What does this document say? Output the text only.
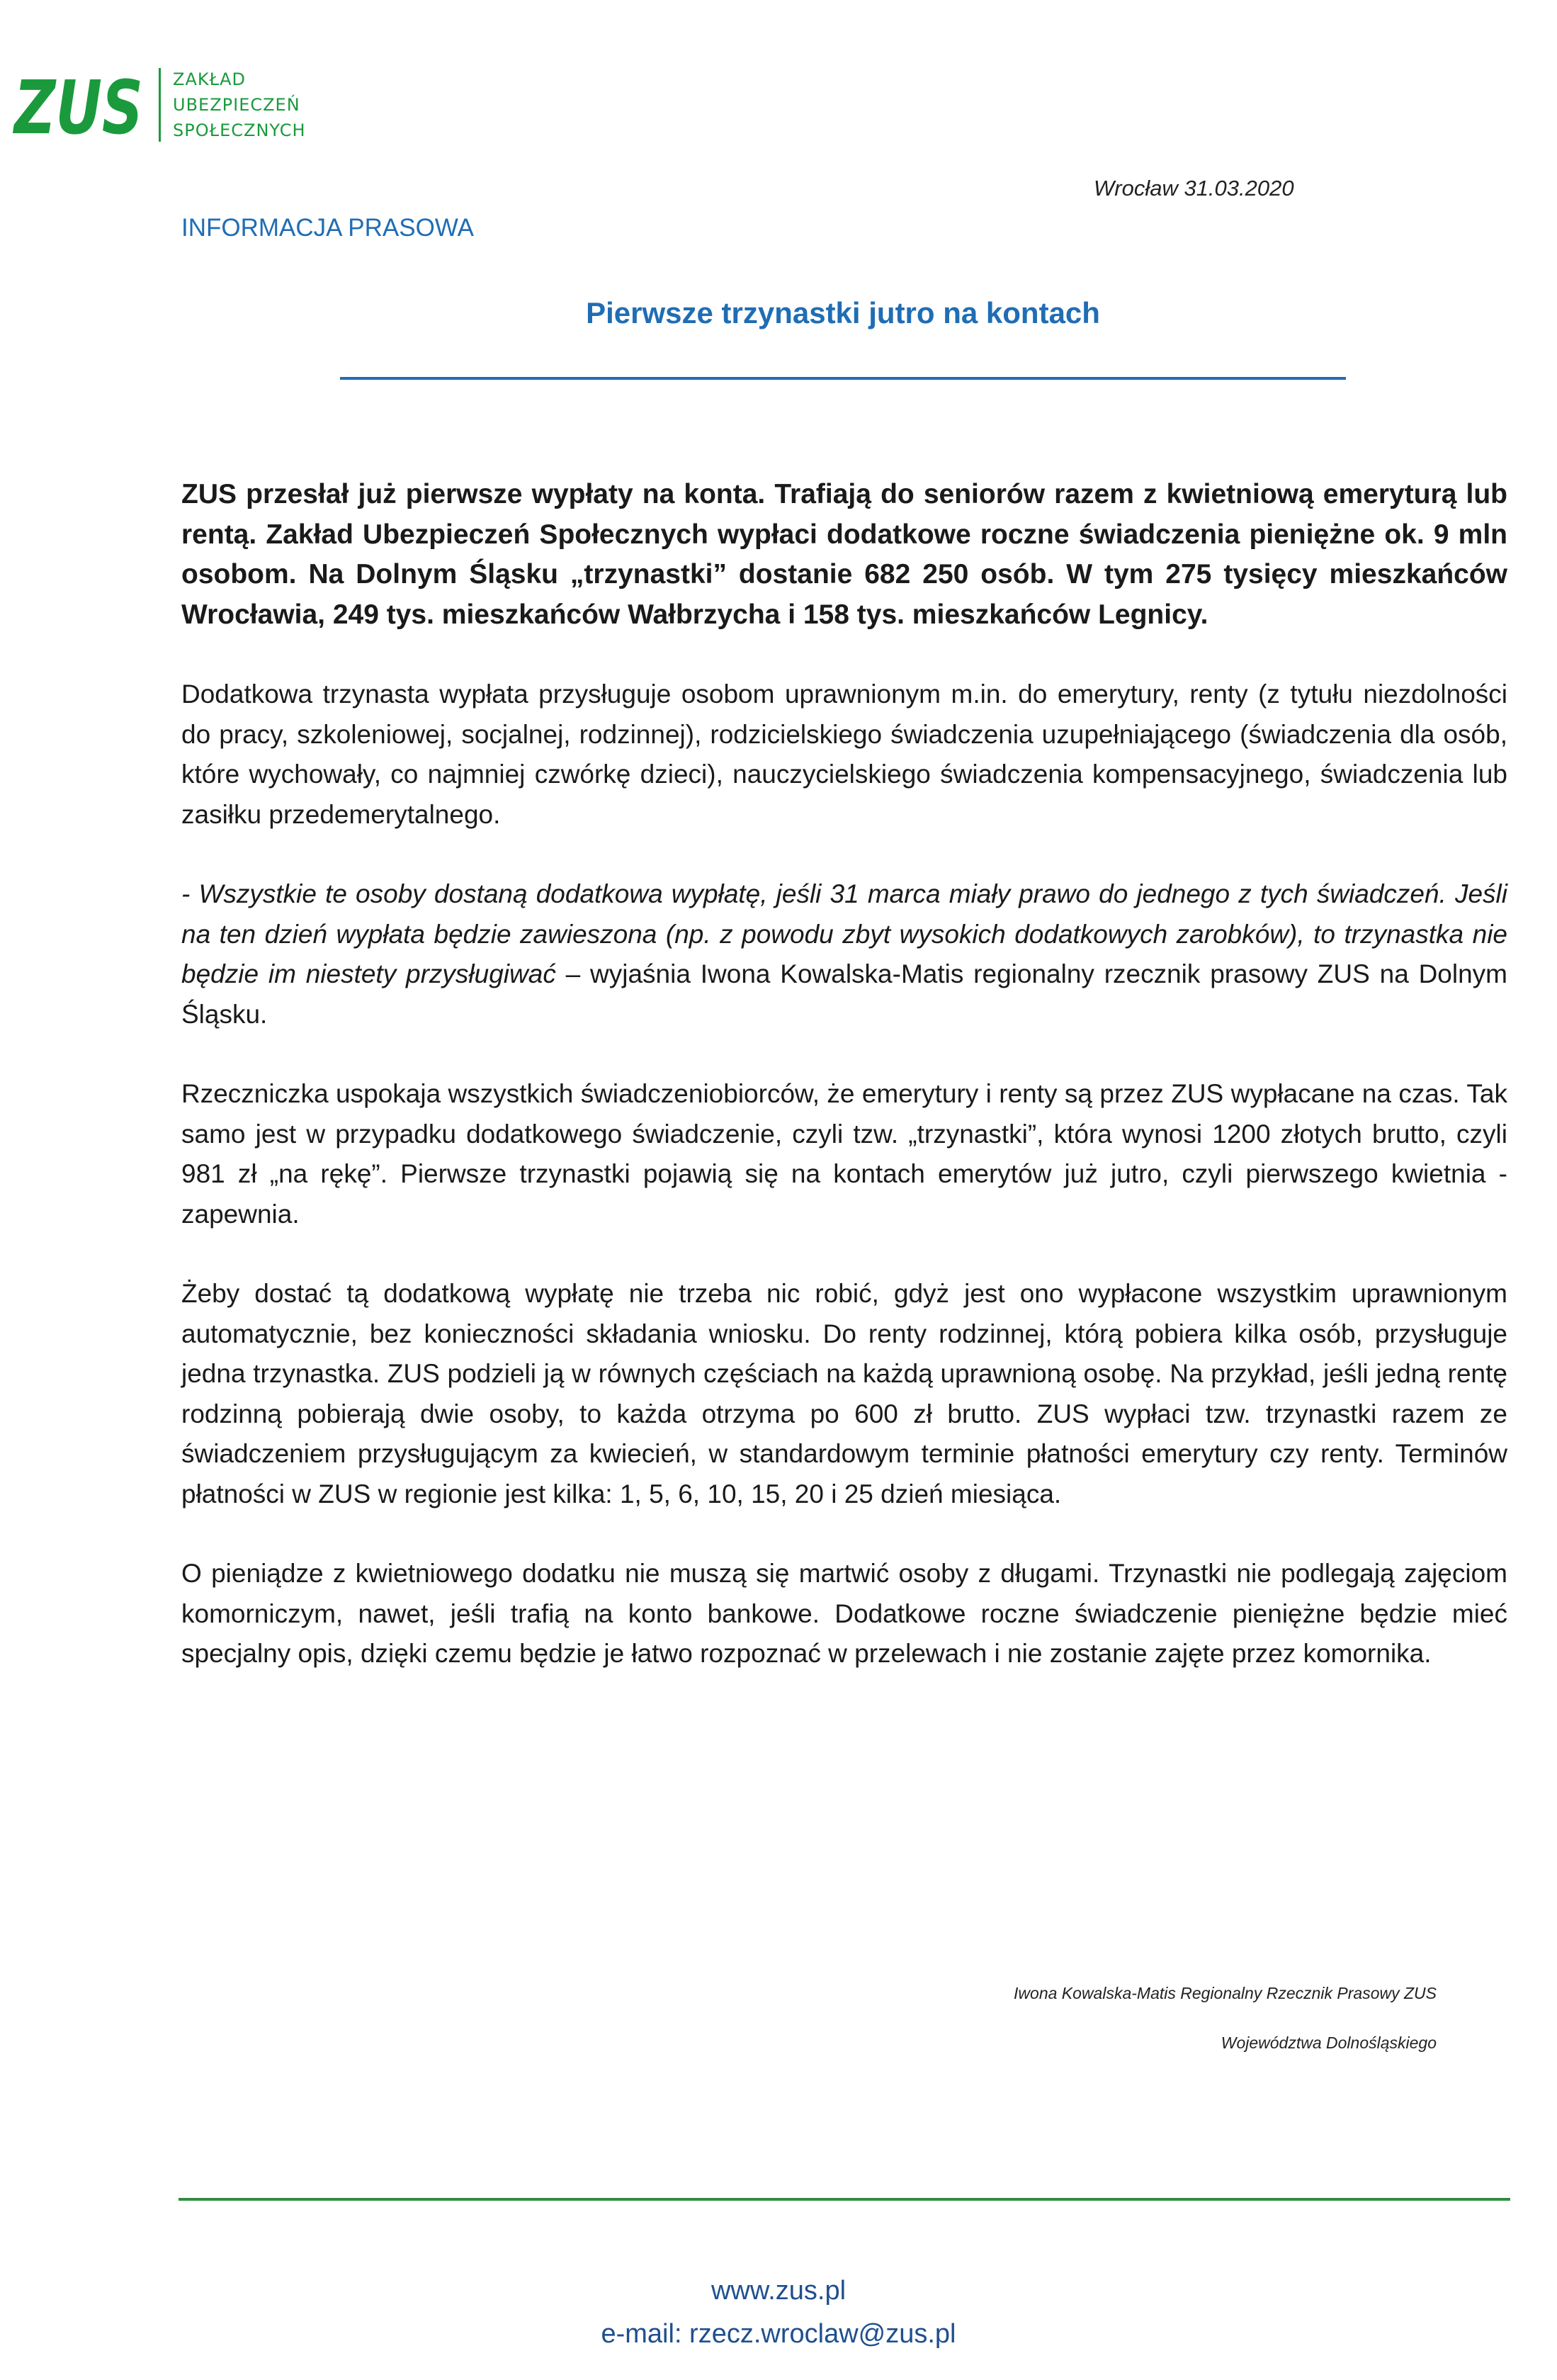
ZUS ZAKŁAD
UBEZPIECZEŃ
SPOŁECZNYCH
Wrocław 31.03.2020
INFORMACJA PRASOWA
Pierwsze trzynastki jutro na kontach

ZUS przesłał już pierwsze wypłaty na konta. Trafiają do seniorów razem z kwietniową emeryturą lub rentą. Zakład Ubezpieczeń Społecznych wypłaci dodatkowe roczne świadczenia pieniężne ok. 9 mln osobom. Na Dolnym Śląsku „trzynastki” dostanie 682 250 osób. W tym 275 tysięcy mieszkańców Wrocławia, 249 tys. mieszkańców Wałbrzycha i 158 tys. mieszkańców Legnicy.

Dodatkowa trzynasta wypłata przysługuje osobom uprawnionym m.in. do emerytury, renty (z tytułu niezdolności do pracy, szkoleniowej, socjalnej, rodzinnej), rodzicielskiego świadczenia uzupełniającego (świadczenia dla osób, które wychowały, co najmniej czwórkę dzieci), nauczycielskiego świadczenia kompensacyjnego, świadczenia lub zasiłku przedemerytalnego.

- Wszystkie te osoby dostaną dodatkowa wypłatę, jeśli 31 marca miały prawo do jednego z tych świadczeń. Jeśli na ten dzień wypłata będzie zawieszona (np. z powodu zbyt wysokich dodatkowych zarobków), to trzynastka nie będzie im niestety przysługiwać – wyjaśnia Iwona Kowalska-Matis regionalny rzecznik prasowy ZUS na Dolnym Śląsku.

Rzeczniczka uspokaja wszystkich świadczeniobiorców, że emerytury i renty są przez ZUS wypłacane na czas. Tak samo jest w przypadku dodatkowego świadczenie, czyli tzw. „trzynastki”, która wynosi 1200 złotych brutto, czyli 981 zł „na rękę”. Pierwsze trzynastki pojawią się na kontach emerytów już jutro, czyli pierwszego kwietnia - zapewnia.

Żeby dostać tą dodatkową wypłatę nie trzeba nic robić, gdyż jest ono wypłacone wszystkim uprawnionym automatycznie, bez konieczności składania wniosku. Do renty rodzinnej, którą pobiera kilka osób, przysługuje jedna trzynastka. ZUS podzieli ją w równych częściach na każdą uprawnioną osobę. Na przykład, jeśli jedną rentę rodzinną pobierają dwie osoby, to każda otrzyma po 600 zł brutto. ZUS wypłaci tzw. trzynastki razem ze świadczeniem przysługującym za kwiecień, w standardowym terminie płatności emerytury czy renty. Terminów płatności w ZUS w regionie jest kilka: 1, 5, 6, 10, 15, 20 i 25 dzień miesiąca.

O pieniądze z kwietniowego dodatku nie muszą się martwić osoby z długami. Trzynastki nie podlegają zajęciom komorniczym, nawet, jeśli trafią na konto bankowe. Dodatkowe roczne świadczenie pieniężne będzie mieć specjalny opis, dzięki czemu będzie je łatwo rozpoznać w przelewach i nie zostanie zajęte przez komornika.

Iwona Kowalska-Matis Regionalny Rzecznik Prasowy ZUS
Województwa Dolnośląskiego
www.zus.pl
e-mail: rzecz.wroclaw@zus.pl
